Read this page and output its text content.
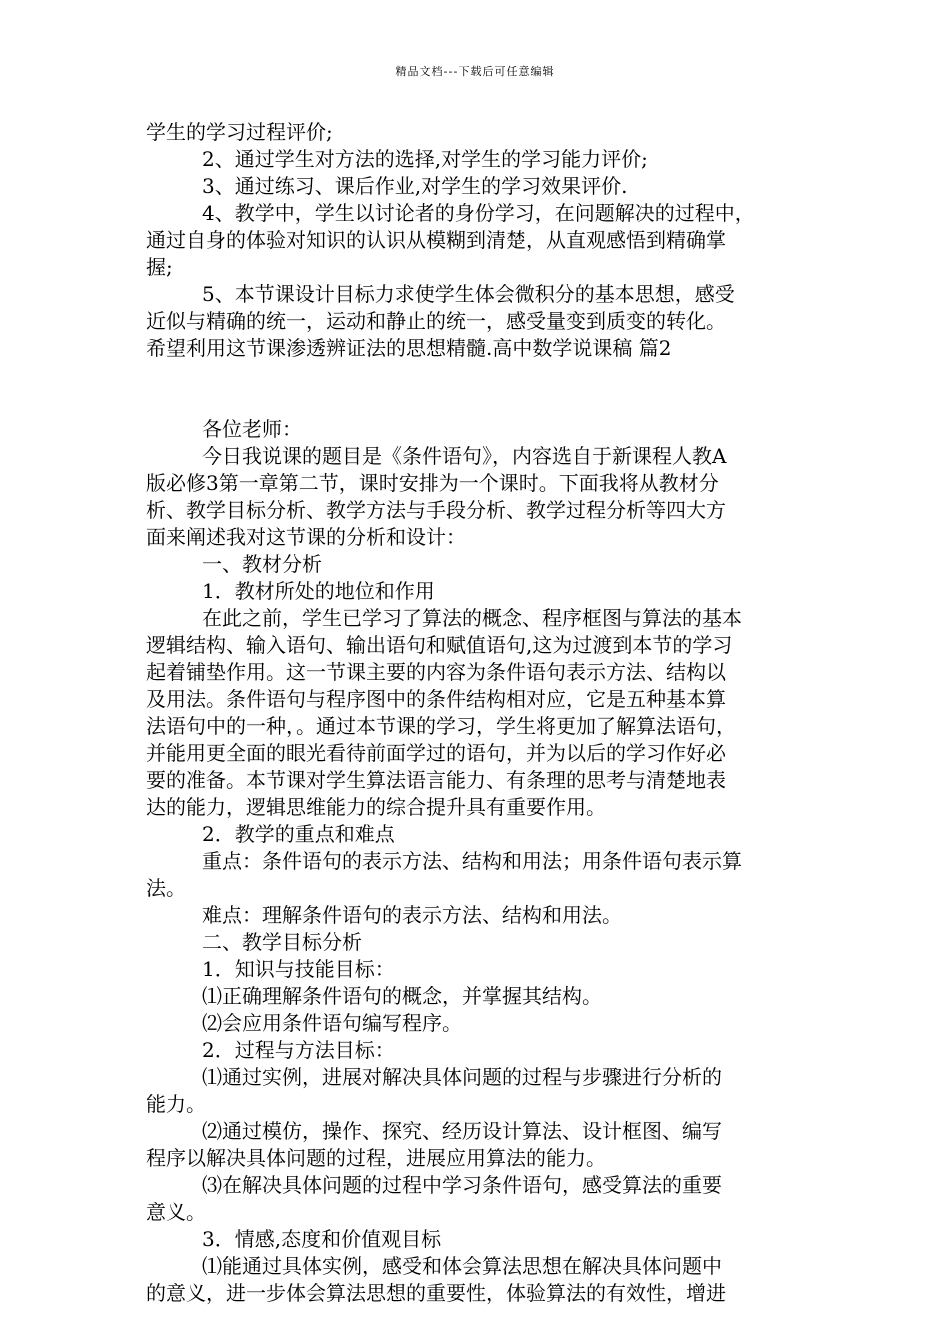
精品文档---下载后可任意编辑
学生的学习过程评价;
2、通过学生对方法的选择,对学生的学习能力评价;
3、通过练习、课后作业,对学生的学习效果评价.
4、教学中，学生以讨论者的身份学习，在问题解决的过程中，
通过自身的体验对知识的认识从模糊到清楚，从直观感悟到精确掌
握;
5、本节课设计目标力求使学生体会微积分的基本思想，感受
近似与精确的统一，运动和静止的统一，感受量变到质变的转化。
希望利用这节课渗透辨证法的思想精髓.高中数学说课稿 篇2
各位老师：
今日我说课的题目是《条件语句》，内容选自于新课程人教A
版必修3第一章第二节，课时安排为一个课时。下面我将从教材分
析、教学目标分析、教学方法与手段分析、教学过程分析等四大方
面来阐述我对这节课的分析和设计：
一、教材分析
1．教材所处的地位和作用
在此之前，学生已学习了算法的概念、程序框图与算法的基本
逻辑结构、输入语句、输出语句和赋值语句,这为过渡到本节的学习
起着铺垫作用。这一节课主要的内容为条件语句表示方法、结构以
及用法。条件语句与程序图中的条件结构相对应，它是五种基本算
法语句中的一种，。通过本节课的学习，学生将更加了解算法语句，
并能用更全面的眼光看待前面学过的语句，并为以后的学习作好必
要的准备。本节课对学生算法语言能力、有条理的思考与清楚地表
达的能力，逻辑思维能力的综合提升具有重要作用。
2．教学的重点和难点
重点：条件语句的表示方法、结构和用法；用条件语句表示算
法。
难点：理解条件语句的表示方法、结构和用法。
二、教学目标分析
1．知识与技能目标：
⑴正确理解条件语句的概念，并掌握其结构。
⑵会应用条件语句编写程序。
2．过程与方法目标：
⑴通过实例，进展对解决具体问题的过程与步骤进行分析的
能力。
⑵通过模仿，操作、探究、经历设计算法、设计框图、编写
程序以解决具体问题的过程，进展应用算法的能力。
⑶在解决具体问题的过程中学习条件语句，感受算法的重要
意义。
3．情感,态度和价值观目标
⑴能通过具体实例，感受和体会算法思想在解决具体问题中
的意义，进一步体会算法思想的重要性，体验算法的有效性，增进
